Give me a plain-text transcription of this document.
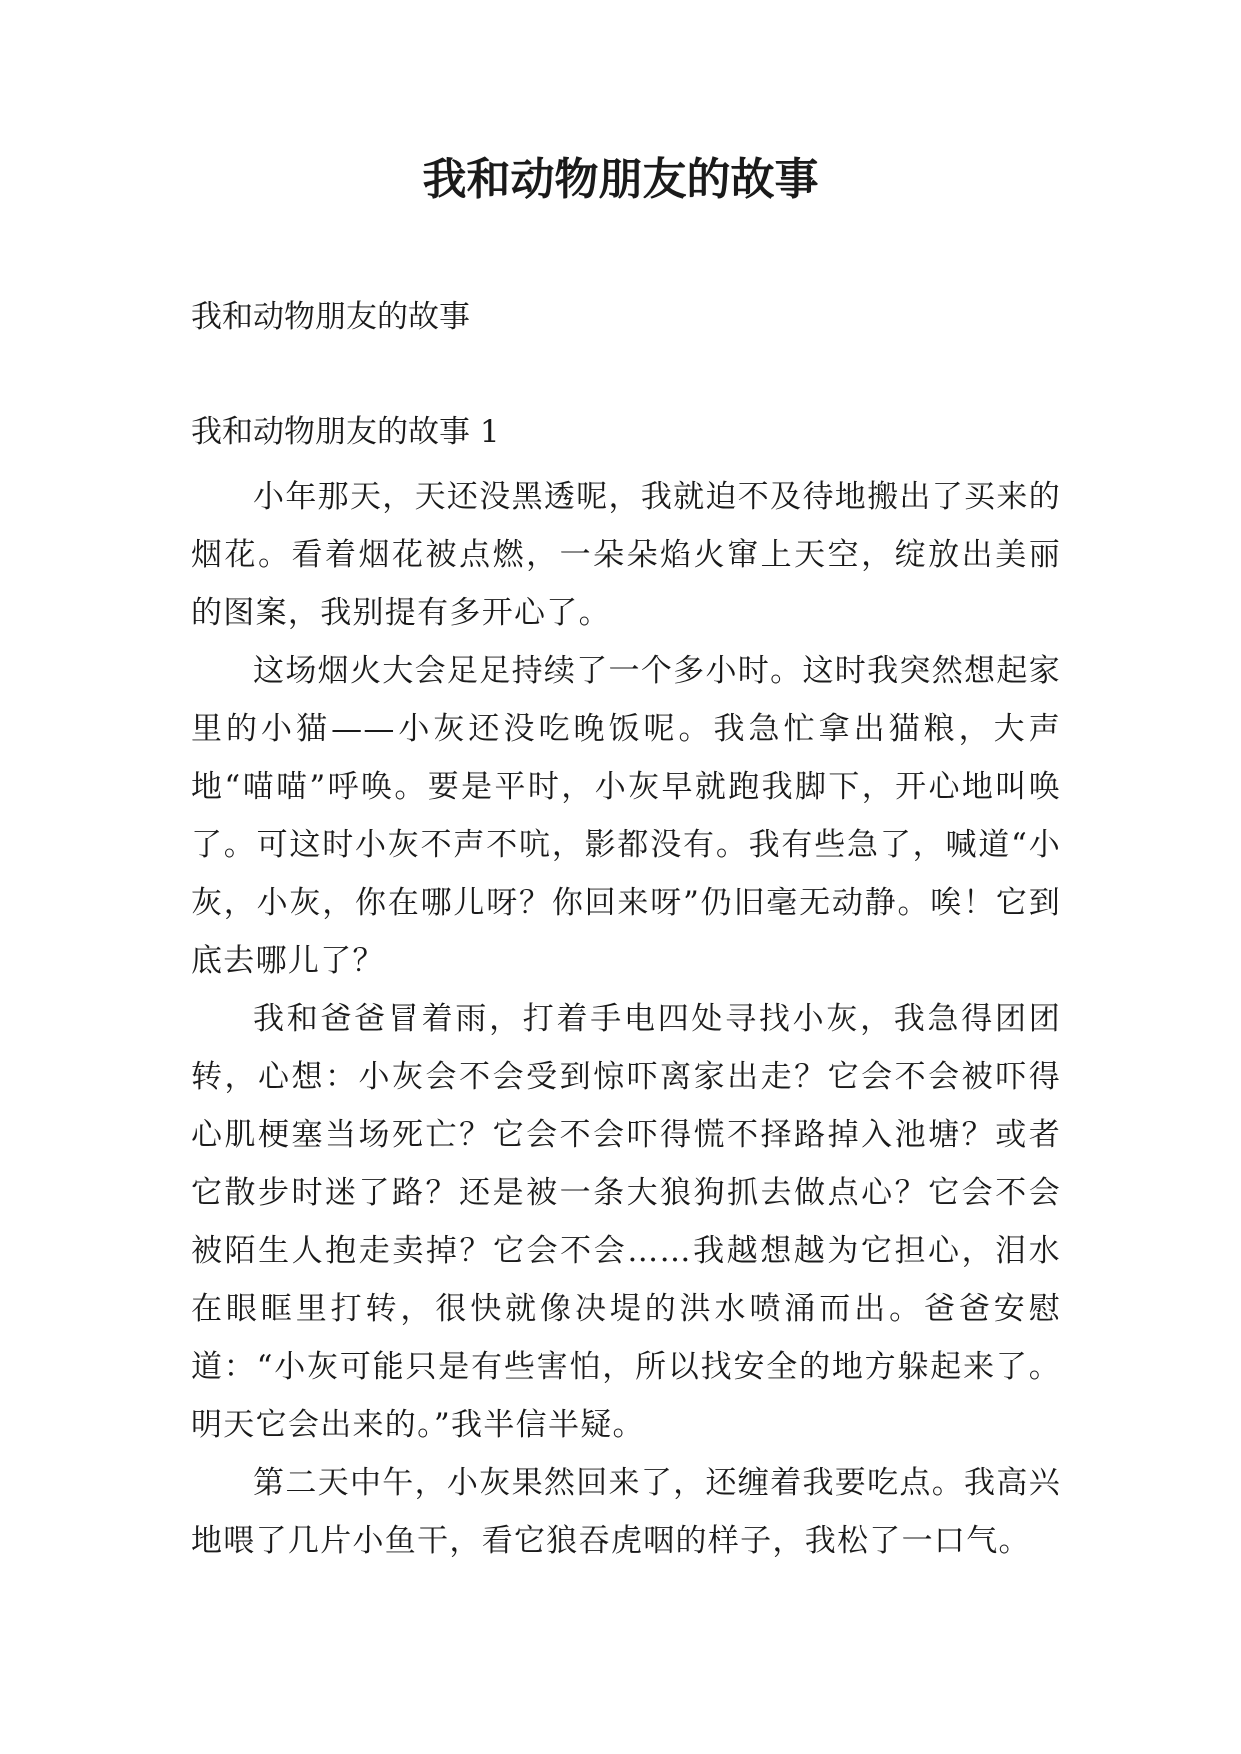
我和动物朋友的故事

我和动物朋友的故事

我和动物朋友的故事 1

小年那天，天还没黑透呢，我就迫不及待地搬出了买来的烟花。看着烟花被点燃，一朵朵焰火窜上天空，绽放出美丽的图案，我别提有多开心了。

这场烟火大会足足持续了一个多小时。这时我突然想起家里的小猫——小灰还没吃晚饭呢。我急忙拿出猫粮，大声地“喵喵”呼唤。要是平时，小灰早就跑我脚下，开心地叫唤了。可这时小灰不声不吭，影都没有。我有些急了，喊道“小灰，小灰，你在哪儿呀？你回来呀”仍旧毫无动静。唉！它到底去哪儿了？

我和爸爸冒着雨，打着手电四处寻找小灰，我急得团团转，心想：小灰会不会受到惊吓离家出走？它会不会被吓得心肌梗塞当场死亡？它会不会吓得慌不择路掉入池塘？或者它散步时迷了路？还是被一条大狼狗抓去做点心？它会不会被陌生人抱走卖掉？它会不会……我越想越为它担心，泪水在眼眶里打转，很快就像决堤的洪水喷涌而出。爸爸安慰道：“小灰可能只是有些害怕，所以找安全的地方躲起来了。明天它会出来的。”我半信半疑。

第二天中午，小灰果然回来了，还缠着我要吃点。我高兴地喂了几片小鱼干，看它狼吞虎咽的样子，我松了一口气。
